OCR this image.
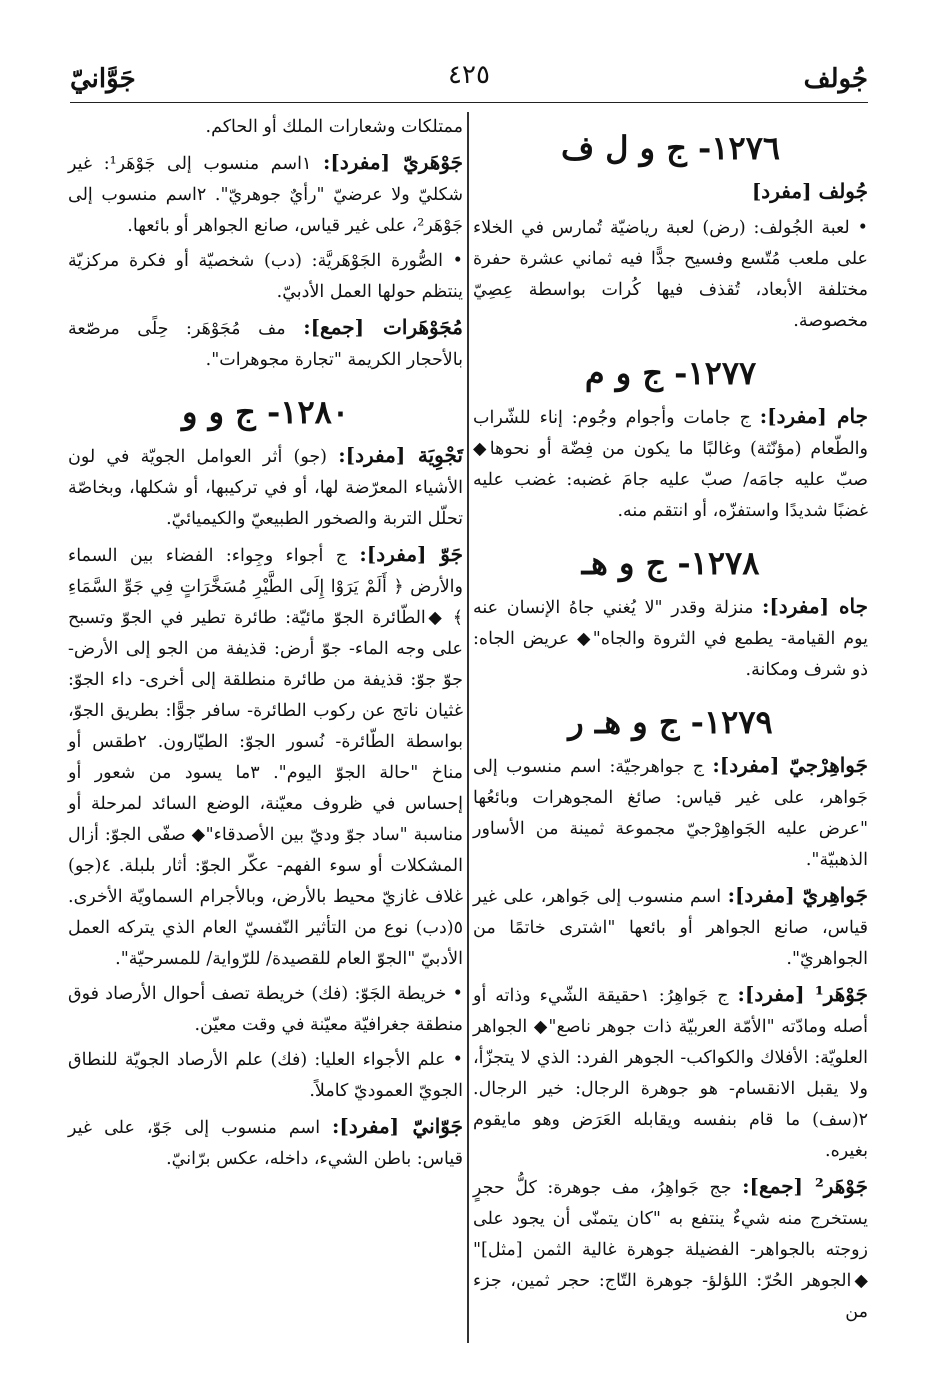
جُولف
٤٢٥
جَوَّانيّ
١٢٧٦- ج و ل ف

جُولف [مفرد]

• لعبة الجُولف: (رض) لعبة رياضيّة تُمارس في الخلاء على ملعب مُتّسع وفسيح جدًّا فيه ثماني عشرة حفرة مختلفة الأبعاد، تُقذف فيها كُرات بواسطة عِصِيّ مخصوصة.

١٢٧٧- ج و م

جام [مفرد]: ج جامات وأجوام وجُوم: إناء للشّراب والطّعام (مؤنّثة) وغالبًا ما يكون من فِضّة أو نحوها◆ صبّ عليه جامَه/ صبّ عليه جامَ غضبه: غضب عليه غضبًا شديدًا واستفزّه، أو انتقم منه.

١٢٧٨- ج و هـ

جاه [مفرد]: منزلة وقدر "لا يُغني جاهُ الإنسان عنه يوم القيامة- يطمع في الثروة والجاه"◆ عريض الجاه: ذو شرف ومكانة.

١٢٧٩- ج و هـ ر

جَواهِرْجيّ [مفرد]: ج جواهرجيّة: اسم منسوب إلى جَواهر، على غير قياس: صائغ المجوهرات وبائعُها "عرض عليه الجَواهِرْجيّ مجموعة ثمينة من الأساور الذهبيّة".

جَواهِريّ [مفرد]: اسم منسوب إلى جَواهر، على غير قياس، صانع الجواهر أو بائعها "اشترى خاتمًا من الجواهريّ".

جَوْهَر¹ [مفرد]: ج جَواهِرُ: ١حقيقة الشّيء وذاته أو أصله ومادّته "الأمّة العربيّة ذات جوهر ناصع"◆ الجواهر العلويّة: الأفلاك والكواكب- الجوهر الفرد: الذي لا يتجزّأ، ولا يقبل الانقسام- هو جوهرة الرجال: خير الرجال. ٢(سف) ما قام بنفسه ويقابله العَرَض وهو مايقوم بغيره.

جَوْهَر² [جمع]: جج جَواهِرُ، مف جوهرة: كلُّ حجرٍ يستخرج منه شيءٌ ينتفع به "كان يتمنّى أن يجود على زوجته بالجواهر- الفضيلة جوهرة غالية الثمن [مثل]" ◆الجوهر الحُرّ: اللؤلؤ- جوهرة التّاج: حجر ثمين، جزء من

ممتلكات وشعارات الملك أو الحاكم.

جَوْهَريّ [مفرد]: ١اسم منسوب إلى جَوْهَر¹: غير شكليّ ولا عرضيّ "رأيٌ جوهريّ". ٢اسم منسوب إلى جَوْهَر²، على غير قياس، صانع الجواهر أو بائعها.

• الصُّورة الجَوْهَريَّة: (دب) شخصيّة أو فكرة مركزيّة ينتظم حولها العمل الأدبيّ.

مُجَوْهَرات [جمع]: مف مُجَوْهَر: حِلًى مرصّعة بالأحجار الكريمة "تجارة مجوهرات".

١٢٨٠- ج و و

تَجْوِيَة [مفرد]: (جو) أثر العوامل الجويّة في لون الأشياء المعرّضة لها، أو في تركيبها، أو شكلها، وبخاصّة تحلّل التربة والصخور الطبيعيّ والكيميائيّ.

جَوّ [مفرد]: ج أجواء وجِواء: الفضاء بين السماء والأرض ﴿ أَلَمْ يَرَوْا إِلَى الطَّيْرِ مُسَخَّرَاتٍ فِي جَوِّ السَّمَاءِ ﴾ ◆الطّائرة الجوّ مائيّة: طائرة تطير في الجوّ وتسبح على وجه الماء- جوّ أرض: قذيفة من الجو إلى الأرض- جوّ جوّ: قذيفة من طائرة منطلقة إلى أخرى- داء الجوّ: غثيان ناتج عن ركوب الطائرة- سافر جوًّا: بطريق الجوّ، بواسطة الطّائرة- نُسور الجوّ: الطيّارون. ٢طقس أو مناخ "حالة الجوّ اليوم". ٣ما يسود من شعور أو إحساس في ظروف معيّنة، الوضع السائد لمرحلة أو مناسبة "ساد جوّ وديّ بين الأصدقاء"◆ صفّى الجوّ: أزال المشكلات أو سوء الفهم- عكّر الجوّ: أثار بلبلة. ٤(جو) غلاف غازيّ محيط بالأرض، وبالأجرام السماويّة الأخرى. ٥(دب) نوع من التأثير النّفسيّ العام الذي يتركه العمل الأدبيّ "الجوّ العام للقصيدة/ للرّواية/ للمسرحيّة".

• خريطة الجَوّ: (فك) خريطة تصف أحوال الأرصاد فوق منطقة جغرافيّة معيّنة في وقت معيّن.

• علم الأجواء العليا: (فك) علم الأرصاد الجويّة للنطاق الجويّ العموديّ كاملاً.

جَوّانيّ [مفرد]: اسم منسوب إلى جَوّ، على غير قياس: باطن الشيء، داخله، عكس برّانيّ.
